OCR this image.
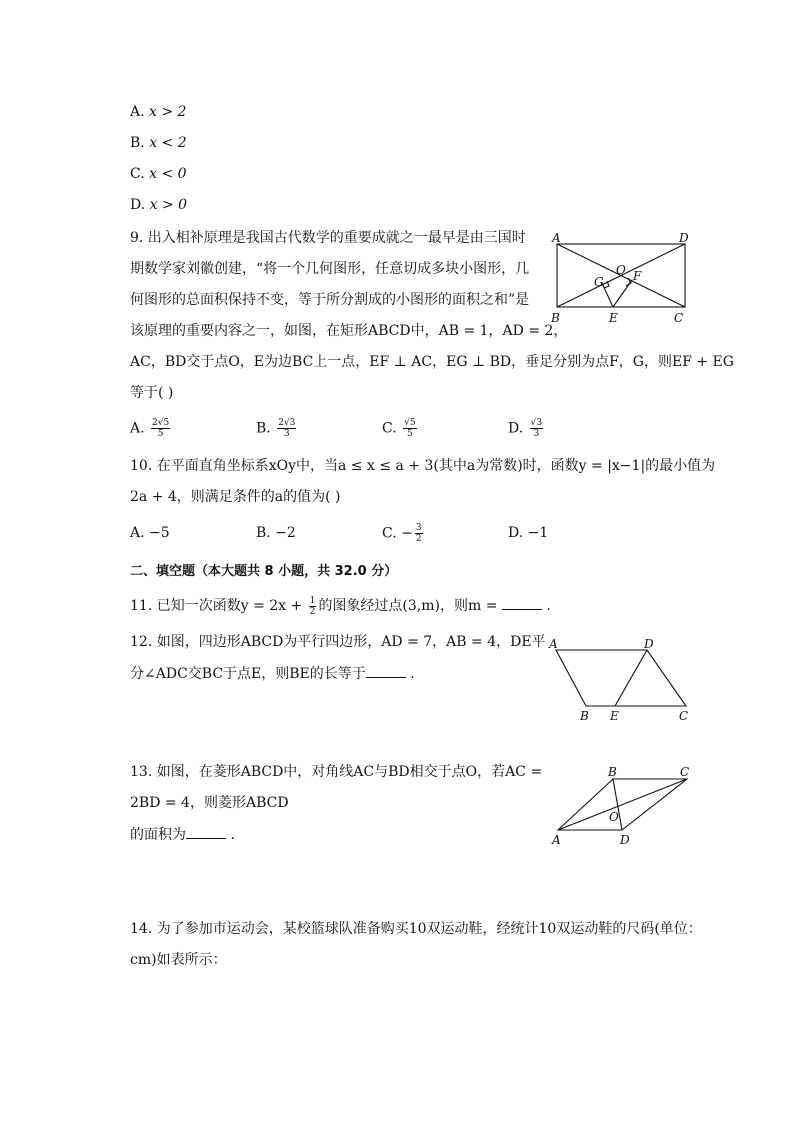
A. x > 2
B. x < 2
C. x < 0
D. x > 0
9. 出入相补原理是我国古代数学的重要成就之一最早是由三国时
期数学家刘徽创建，“将一个几何图形，任意切成多块小图形，几
何图形的总面积保持不变，等于所分割成的小图形的面积之和”是
该原理的重要内容之一，如图，在矩形ABCD中，AB = 1，AD = 2，
AC，BD交于点O，E为边BC上一点，EF ⊥ AC，EG ⊥ BD，垂足分别为点F，G，则EF + EG
等于( )
A. $\frac{2√5}{5}$	B. $\frac{2√3}{3}$	C. $\frac{√5}{5}$	D. $\frac{√3}{3}$
A	D
B	C
O F
G
E
10. 在平面直角坐标系xOy中，当a ≤ x ≤ a + 3(其中a为常数)时，函数y = |x−1|的最小值为
2a + 4，则满足条件的a的值为( )
A. −5	B. −2	C. − $\frac{3}{2}$	D. −1
二、填空题（本大题共 8 小题，共 32.0 分）
11. 已知一次函数$y = 2x + \frac{1}{2}$ 的图象经过点(3,m)，则m =	.
12. 如图，四边形ABCD为平行四边形，AD = 7，AB = 4，DE平
分∠ADC交BC于点E，则BE的长等于	.
A	D
B E	C
13. 如图，在菱形ABCD中，对角线AC与BD相交于点O，若AC =
2BD = 4，则菱形ABCD
的面积为	.
B	C
O
A	D
14. 为了参加市运动会，某校篮球队准备购买10双运动鞋，经统计10双运动鞋的尺码(单位：
cm)如表所示：
